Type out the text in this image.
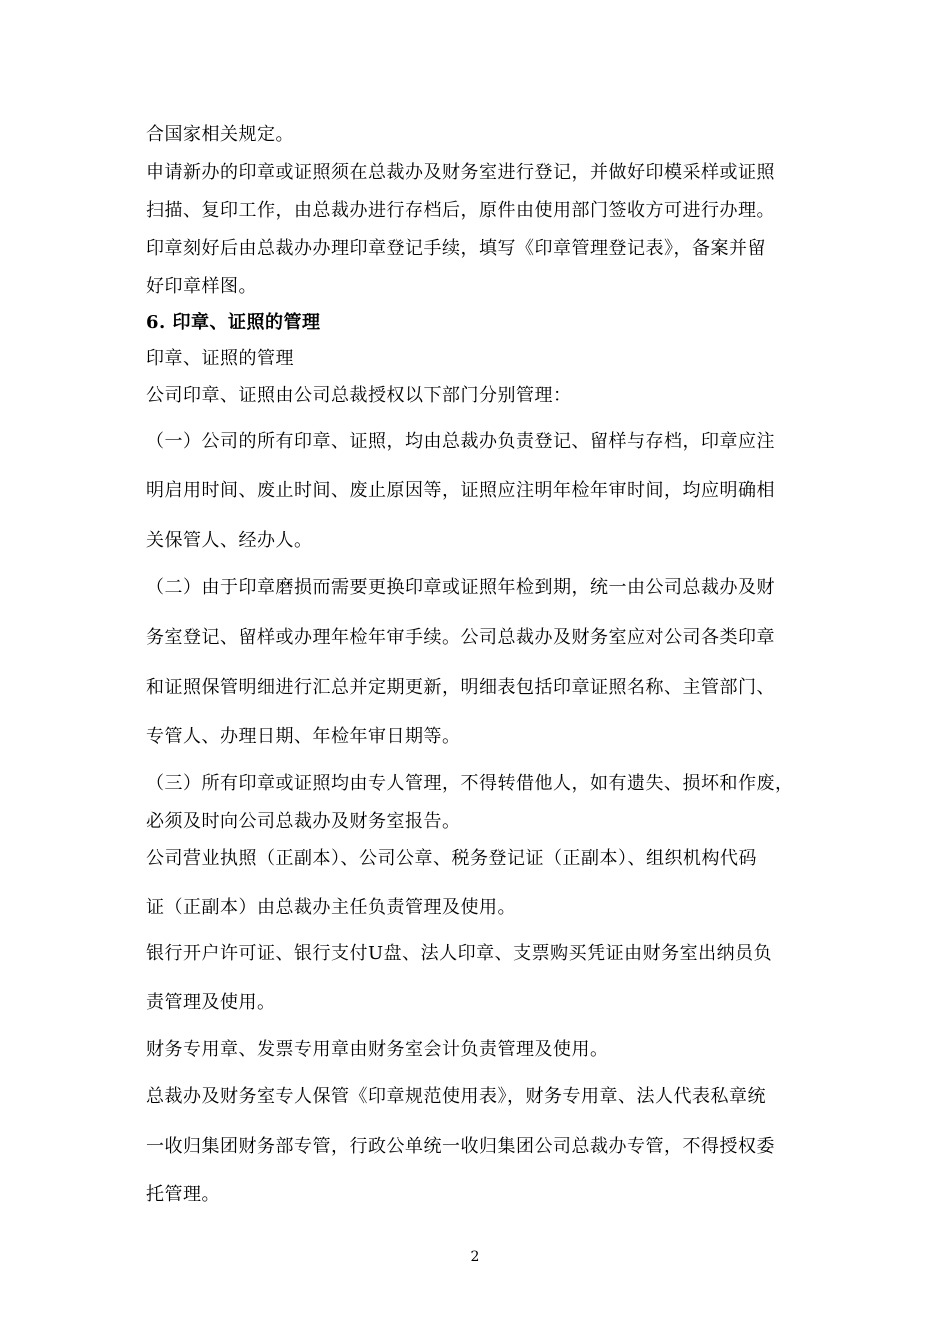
合国家相关规定。
申请新办的印章或证照须在总裁办及财务室进行登记，并做好印模采样或证照
扫描、复印工作，由总裁办进行存档后，原件由使用部门签收方可进行办理。
印章刻好后由总裁办办理印章登记手续，填写《印章管理登记表》，备案并留
好印章样图。
6. 印章、证照的管理
印章、证照的管理
公司印章、证照由公司总裁授权以下部门分别管理：
（一）公司的所有印章、证照，均由总裁办负责登记、留样与存档，印章应注
明启用时间、废止时间、废止原因等，证照应注明年检年审时间，均应明确相
关保管人、经办人。
（二）由于印章磨损而需要更换印章或证照年检到期，统一由公司总裁办及财
务室登记、留样或办理年检年审手续。公司总裁办及财务室应对公司各类印章
和证照保管明细进行汇总并定期更新，明细表包括印章证照名称、主管部门、
专管人、办理日期、年检年审日期等。
（三）所有印章或证照均由专人管理，不得转借他人，如有遗失、损坏和作废，
必须及时向公司总裁办及财务室报告。
公司营业执照（正副本）、公司公章、税务登记证（正副本）、组织机构代码
证（正副本）由总裁办主任负责管理及使用。
银行开户许可证、银行支付U盘、法人印章、支票购买凭证由财务室出纳员负
责管理及使用。
财务专用章、发票专用章由财务室会计负责管理及使用。
总裁办及财务室专人保管《印章规范使用表》，财务专用章、法人代表私章统
一收归集团财务部专管，行政公单统一收归集团公司总裁办专管，不得授权委
托管理。
2
